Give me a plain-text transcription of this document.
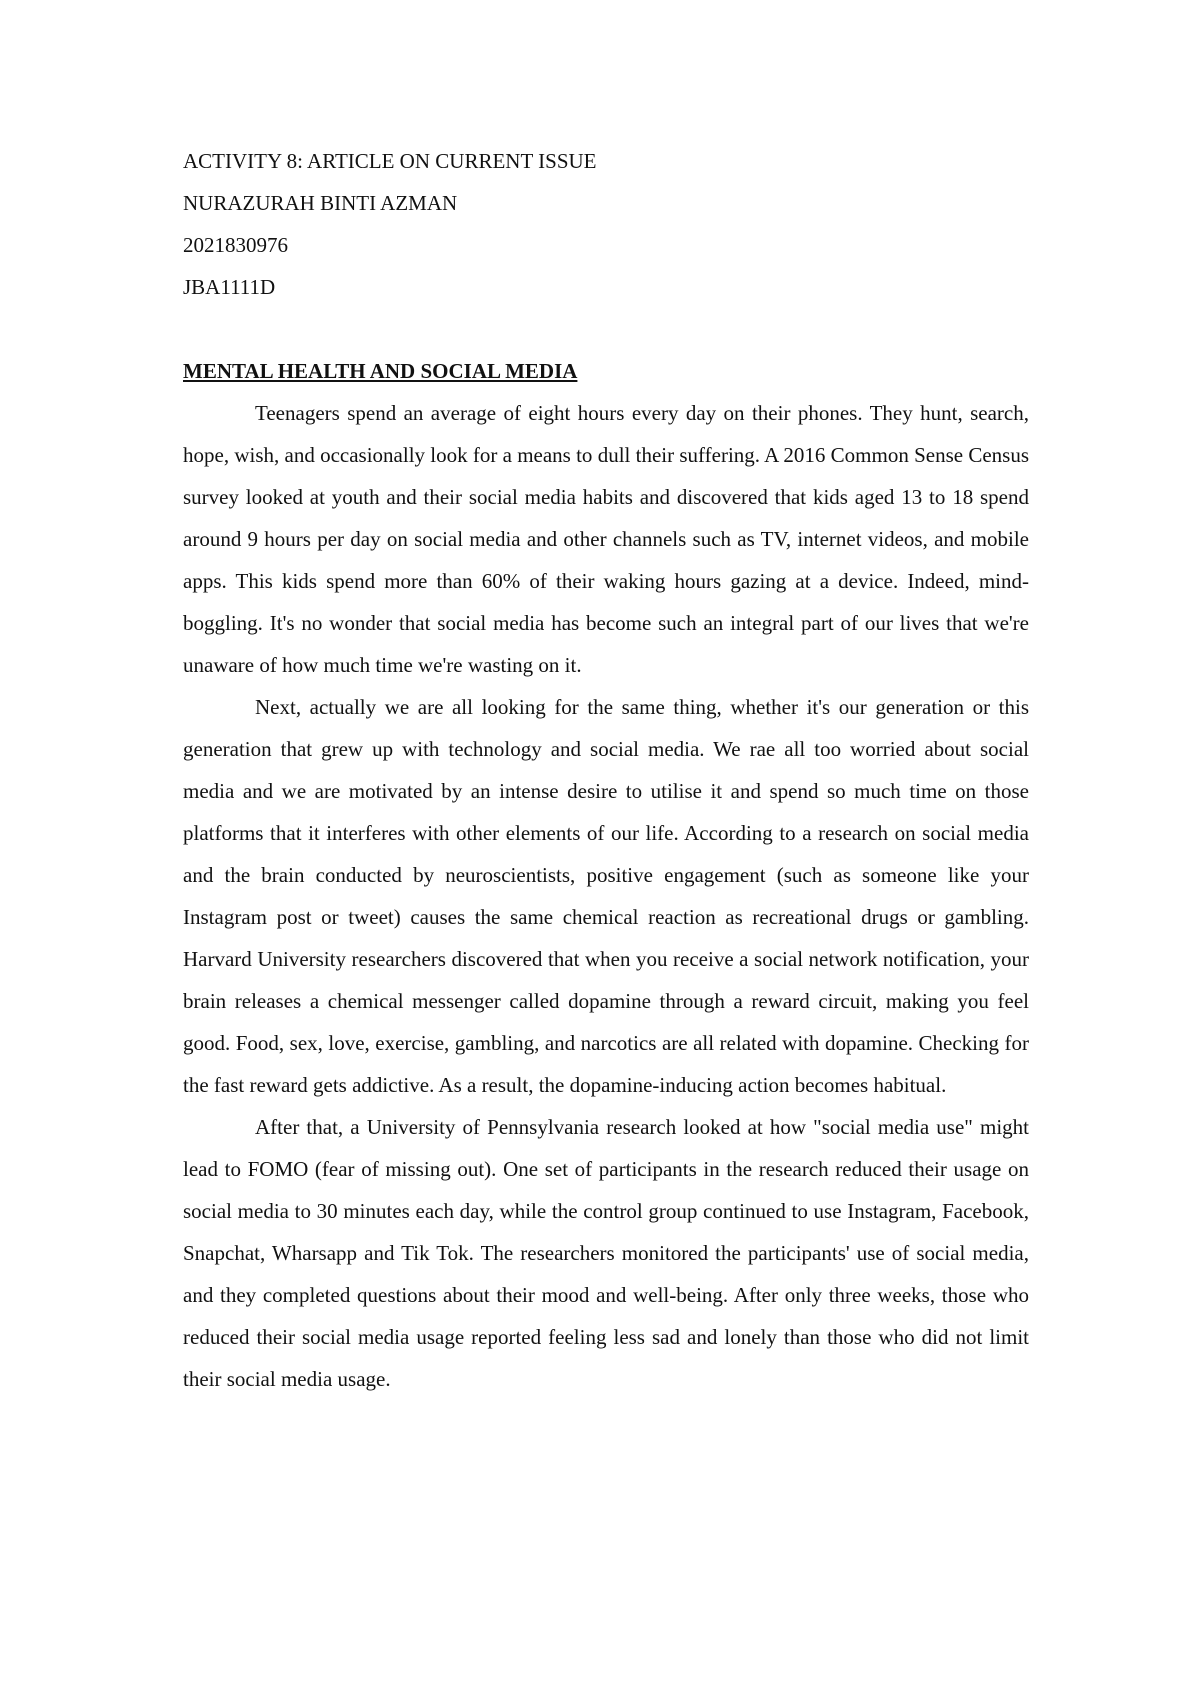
ACTIVITY 8: ARTICLE ON CURRENT ISSUE

NURAZURAH BINTI AZMAN

2021830976

JBA1111D

MENTAL HEALTH AND SOCIAL MEDIA

Teenagers spend an average of eight hours every day on their phones. They hunt, search, hope, wish, and occasionally look for a means to dull their suffering. A 2016 Common Sense Census survey looked at youth and their social media habits and discovered that kids aged 13 to 18 spend around 9 hours per day on social media and other channels such as TV, internet videos, and mobile apps. This kids spend more than 60% of their waking hours gazing at a device. Indeed, mind-boggling. It's no wonder that social media has become such an integral part of our lives that we're unaware of how much time we're wasting on it.

Next, actually we are all looking for the same thing, whether it's our generation or this generation that grew up with technology and social media. We rae all too worried about social media and we are motivated by an intense desire to utilise it and spend so much time on those platforms that it interferes with other elements of our life. According to a research on social media and the brain conducted by neuroscientists, positive engagement (such as someone like your Instagram post or tweet) causes the same chemical reaction as recreational drugs or gambling. Harvard University researchers discovered that when you receive a social network notification, your brain releases a chemical messenger called dopamine through a reward circuit, making you feel good. Food, sex, love, exercise, gambling, and narcotics are all related with dopamine. Checking for the fast reward gets addictive. As a result, the dopamine-inducing action becomes habitual.

After that, a University of Pennsylvania research looked at how "social media use" might lead to FOMO (fear of missing out). One set of participants in the research reduced their usage on social media to 30 minutes each day, while the control group continued to use Instagram, Facebook, Snapchat, Wharsapp and Tik Tok. The researchers monitored the participants' use of social media, and they completed questions about their mood and well-being. After only three weeks, those who reduced their social media usage reported feeling less sad and lonely than those who did not limit their social media usage.
